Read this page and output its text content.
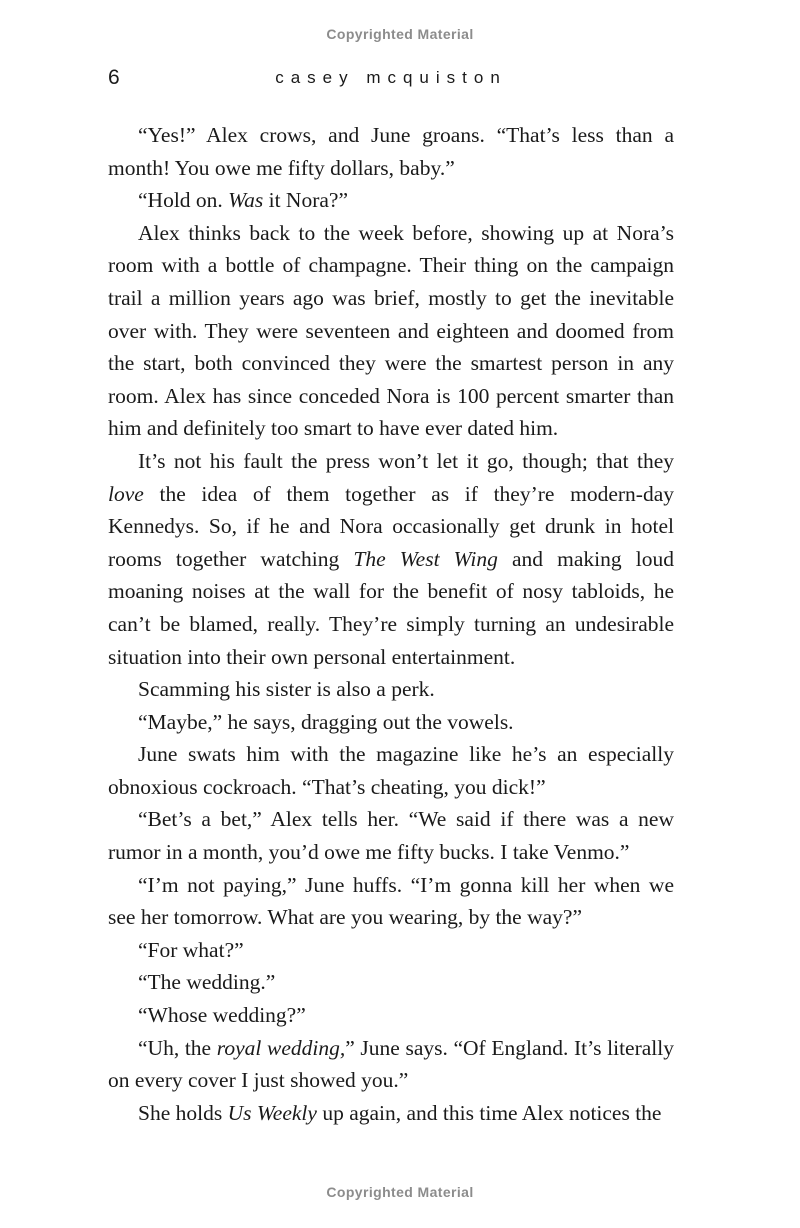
Copyrighted Material
6	casey mcquiston

“Yes!” Alex crows, and June groans. “That’s less than a month! You owe me fifty dollars, baby.”

“Hold on. Was it Nora?”

Alex thinks back to the week before, showing up at Nora’s room with a bottle of champagne. Their thing on the campaign trail a million years ago was brief, mostly to get the inevitable over with. They were seventeen and eighteen and doomed from the start, both convinced they were the smartest person in any room. Alex has since conceded Nora is 100 percent smarter than him and definitely too smart to have ever dated him.

It’s not his fault the press won’t let it go, though; that they love the idea of them together as if they’re modern-day Kennedys. So, if he and Nora occasionally get drunk in hotel rooms together watching The West Wing and making loud moaning noises at the wall for the benefit of nosy tabloids, he can’t be blamed, really. They’re simply turning an undesirable situation into their own personal entertainment.

Scamming his sister is also a perk.

“Maybe,” he says, dragging out the vowels.

June swats him with the magazine like he’s an especially obnoxious cockroach. “That’s cheating, you dick!”

“Bet’s a bet,” Alex tells her. “We said if there was a new rumor in a month, you’d owe me fifty bucks. I take Venmo.”

“I’m not paying,” June huffs. “I’m gonna kill her when we see her tomorrow. What are you wearing, by the way?”

“For what?”

“The wedding.”

“Whose wedding?”

“Uh, the royal wedding,” June says. “Of England. It’s literally on every cover I just showed you.”

She holds Us Weekly up again, and this time Alex notices the

Copyrighted Material
